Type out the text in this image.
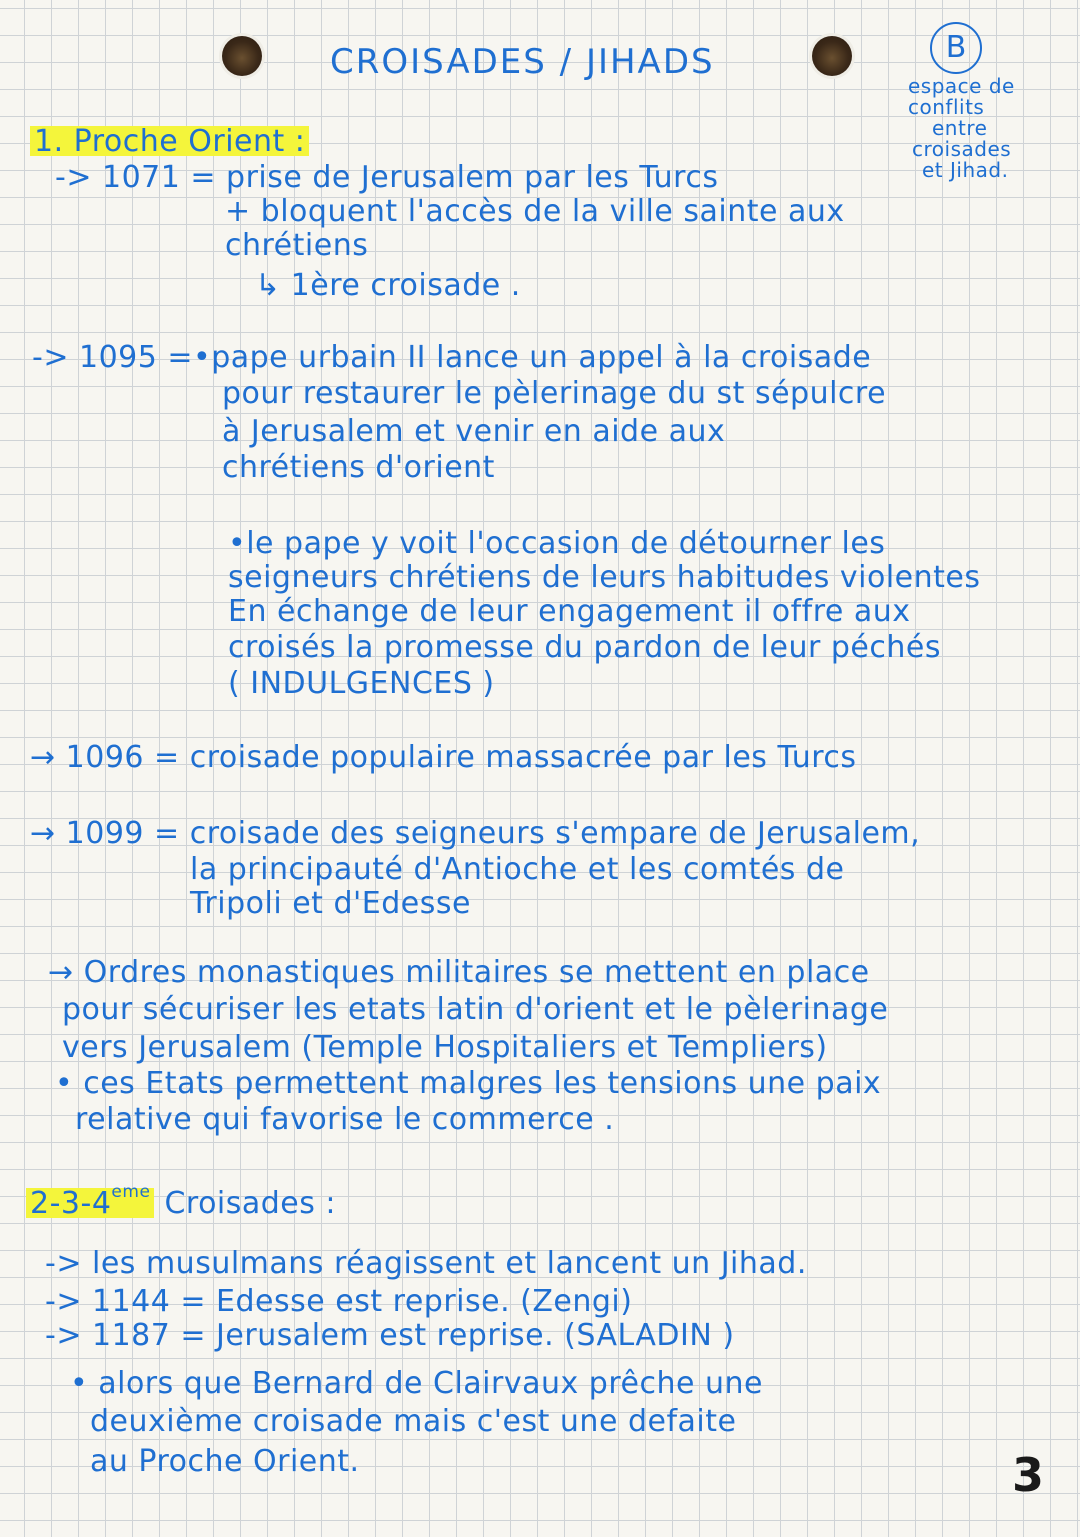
CROISADES / JIHADS	B

espace de

conflits

entre

croisades

et Jihad.

1. Proche Orient :

-> 1071 = prise de Jerusalem par les Turcs

+ bloquent l'accès de la ville sainte aux

chrétiens

↳ 1ère croisade .

-> 1095 =•pape urbain II lance un appel à la croisade

pour restaurer le pèlerinage du st sépulcre

à Jerusalem et venir en aide aux

chrétiens d'orient

•le pape y voit l'occasion de détourner les

seigneurs chrétiens de leurs habitudes violentes

En échange de leur engagement il offre aux

croisés la promesse du pardon de leur péchés

( INDULGENCES )

→ 1096 = croisade populaire massacrée par les Turcs

→ 1099 = croisade des seigneurs s'empare de Jerusalem,

la principauté d'Antioche et les comtés de

Tripoli et d'Edesse

→ Ordres monastiques militaires se mettent en place

pour sécuriser les etats latin d'orient et le pèlerinage

vers Jerusalem (Temple Hospitaliers et Templiers)

• ces Etats permettent malgres les tensions une paix

relative qui favorise le commerce .

2-3-4eme Croisades :

-> les musulmans réagissent et lancent un Jihad.

-> 1144 = Edesse est reprise. (Zengi)

-> 1187 = Jerusalem est reprise. (SALADIN )

• alors que Bernard de Clairvaux prêche une

deuxième croisade mais c'est une defaite

au Proche Orient.	3
